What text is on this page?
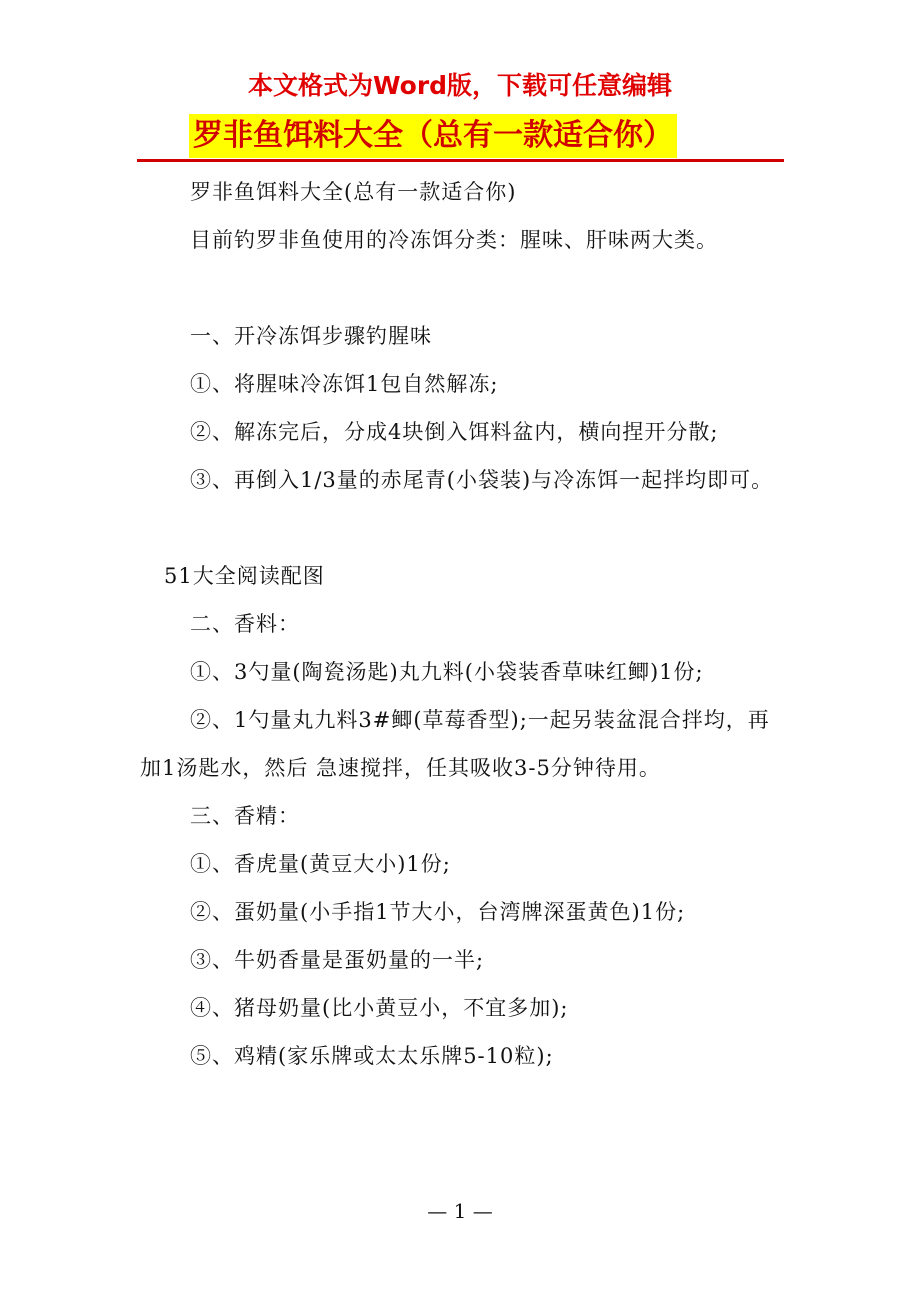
本文格式为Word版，下载可任意编辑
罗非鱼饵料大全（总有一款适合你）

罗非鱼饵料大全(总有一款适合你)

目前钓罗非鱼使用的冷冻饵分类：腥味、肝味两大类。

一、开冷冻饵步骤钓腥味

①、将腥味冷冻饵1包自然解冻;

②、解冻完后，分成4块倒入饵料盆内，横向捏开分散;

③、再倒入1/3量的赤尾青(小袋装)与冷冻饵一起拌均即可。

51大全阅读配图

二、香料：

①、3勺量(陶瓷汤匙)丸九料(小袋装香草味红鲫)1份;

②、1勺量丸九料3#鲫(草莓香型);一起另装盆混合拌均，再加1汤匙水，然后 急速搅拌，任其吸收3-5分钟待用。

三、香精：

①、香虎量(黄豆大小)1份;

②、蛋奶量(小手指1节大小，台湾牌深蛋黄色)1份;

③、牛奶香量是蛋奶量的一半;

④、猪母奶量(比小黄豆小，不宜多加);

⑤、鸡精(家乐牌或太太乐牌5-10粒);

— 1 —
